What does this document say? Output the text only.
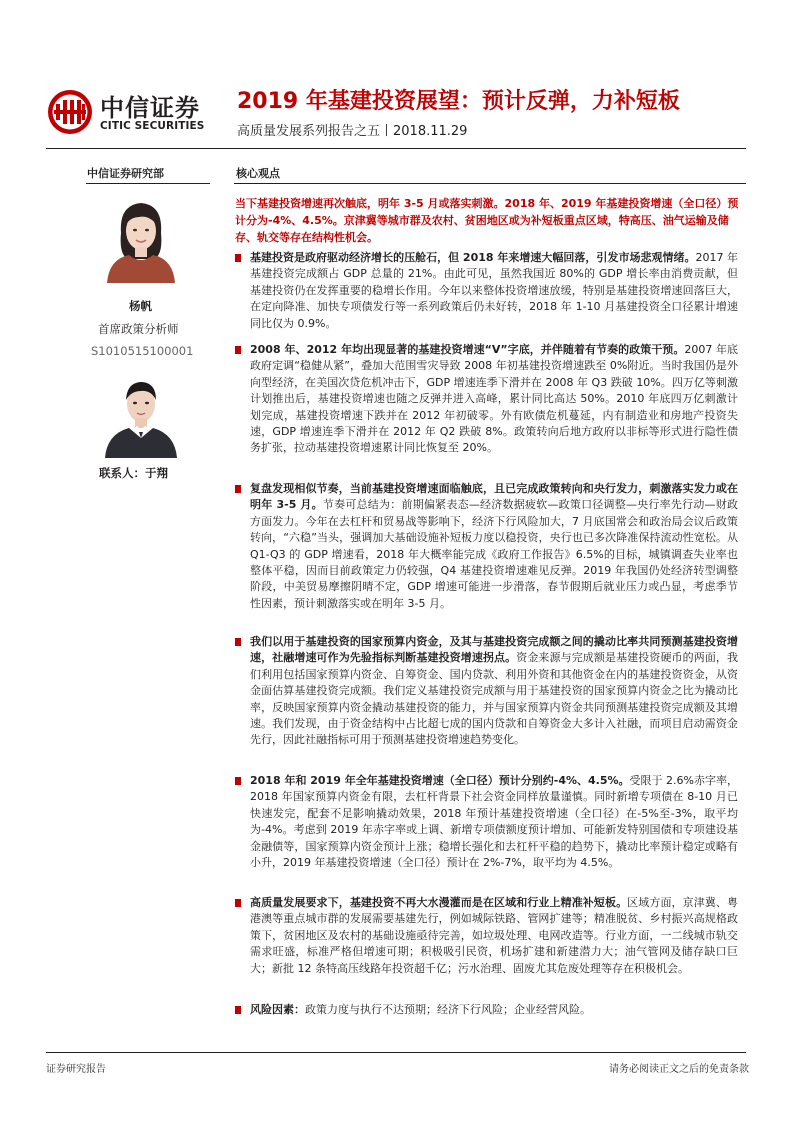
中信证券
CITIC SECURITIES
2019 年基建投资展望：预计反弹，力补短板
高质量发展系列报告之五丨2018.11.29
中信证券研究部	核心观点
杨帆
首席政策分析师
S1010515100001
联系人：于翔
当下基建投资增速再次触底，明年 3-5 月或落实刺激。2018 年、2019 年基建投资增速（全口径）预计分为-4%、4.5%。京津冀等城市群及农村、贫困地区或为补短板重点区域，特高压、油气运输及储存、轨交等存在结构性机会。
基建投资是政府驱动经济增长的压舱石，但 2018 年来增速大幅回落，引发市场悲观情绪。2017 年基建投资完成额占 GDP 总量的 21%。由此可见，虽然我国近 80%的 GDP 增长率由消费贡献，但基建投资仍在发挥重要的稳增长作用。今年以来整体投资增速放缓，特别是基建投资增速回落巨大，在定向降准、加快专项债发行等一系列政策后仍未好转，2018 年 1-10 月基建投资全口径累计增速同比仅为 0.9%。
2008 年、2012 年均出现显著的基建投资增速“V”字底，并伴随着有节奏的政策干预。2007 年底政府定调“稳健从紧”，叠加大范围雪灾导致 2008 年初基建投资增速跌至 0%附近。当时我国仍是外向型经济，在美国次贷危机冲击下，GDP 增速连季下滑并在 2008 年 Q3 跌破 10%。四万亿等刺激计划推出后，基建投资增速也随之反弹并进入高峰，累计同比高达 50%。2010 年底四万亿刺激计划完成，基建投资增速下跌并在 2012 年初破零。外有欧债危机蔓延，内有制造业和房地产投资失速，GDP 增速连季下滑并在 2012 年 Q2 跌破 8%。政策转向后地方政府以非标等形式进行隐性债务扩张，拉动基建投资增速累计同比恢复至 20%。
复盘发现相似节奏，当前基建投资增速面临触底，且已完成政策转向和央行发力，刺激落实发力或在明年 3-5 月。节奏可总结为：前期偏紧表态—经济数据疲软—政策口径调整—央行率先行动—财政方面发力。今年在去杠杆和贸易战等影响下，经济下行风险加大，7 月底国常会和政治局会议后政策转向，“六稳”当头，强调加大基础设施补短板力度以稳投资，央行也已多次降准保持流动性宽松。从 Q1-Q3 的 GDP 增速看，2018 年大概率能完成《政府工作报告》6.5%的目标，城镇调查失业率也整体平稳，因而目前政策定力仍较强，Q4 基建投资增速难见反弹。2019 年我国仍处经济转型调整阶段，中美贸易摩擦阴晴不定，GDP 增速可能进一步滑落，春节假期后就业压力或凸显，考虑季节性因素，预计刺激落实或在明年 3-5 月。
我们以用于基建投资的国家预算内资金，及其与基建投资完成额之间的撬动比率共同预测基建投资增速，社融增速可作为先验指标判断基建投资增速拐点。资金来源与完成额是基建投资硬币的两面，我们利用包括国家预算内资金、自筹资金、国内贷款、利用外资和其他资金在内的基建投资资金，从资金面估算基建投资完成额。我们定义基建投资完成额与用于基建投资的国家预算内资金之比为撬动比率，反映国家预算内资金撬动基建投资的能力，并与国家预算内资金共同预测基建投资完成额及其增速。我们发现，由于资金结构中占比超七成的国内贷款和自筹资金大多计入社融，而项目启动需资金先行，因此社融指标可用于预测基建投资增速趋势变化。
2018 年和 2019 年全年基建投资增速（全口径）预计分别约-4%、4.5%。受限于 2.6%赤字率，2018 年国家预算内资金有限，去杠杆背景下社会资金同样放量谨慎。同时新增专项债在 8-10 月已快速发完，配套不足影响撬动效果，2018 年预计基建投资增速（全口径）在-5%至-3%，取平均为-4%。考虑到 2019 年赤字率或上调、新增专项债额度预计增加、可能新发特别国债和专项建设基金融债等，国家预算内资金预计上涨；稳增长强化和去杠杆平稳的趋势下，撬动比率预计稳定或略有小升，2019 年基建投资增速（全口径）预计在 2%-7%，取平均为 4.5%。
高质量发展要求下，基建投资不再大水漫灌而是在区域和行业上精准补短板。区域方面，京津冀、粤港澳等重点城市群的发展需要基建先行，例如城际铁路、管网扩建等；精准脱贫、乡村振兴高规格政策下，贫困地区及农村的基础设施亟待完善，如垃圾处理、电网改造等。行业方面，一二线城市轨交需求旺盛，标准严格但增速可期；积极吸引民资，机场扩建和新建潜力大；油气管网及储存缺口巨大；新批 12 条特高压线路年投资超千亿；污水治理、固废尤其危废处理等存在积极机会。
风险因素：政策力度与执行不达预期；经济下行风险；企业经营风险。
证券研究报告	请务必阅读正文之后的免责条款
